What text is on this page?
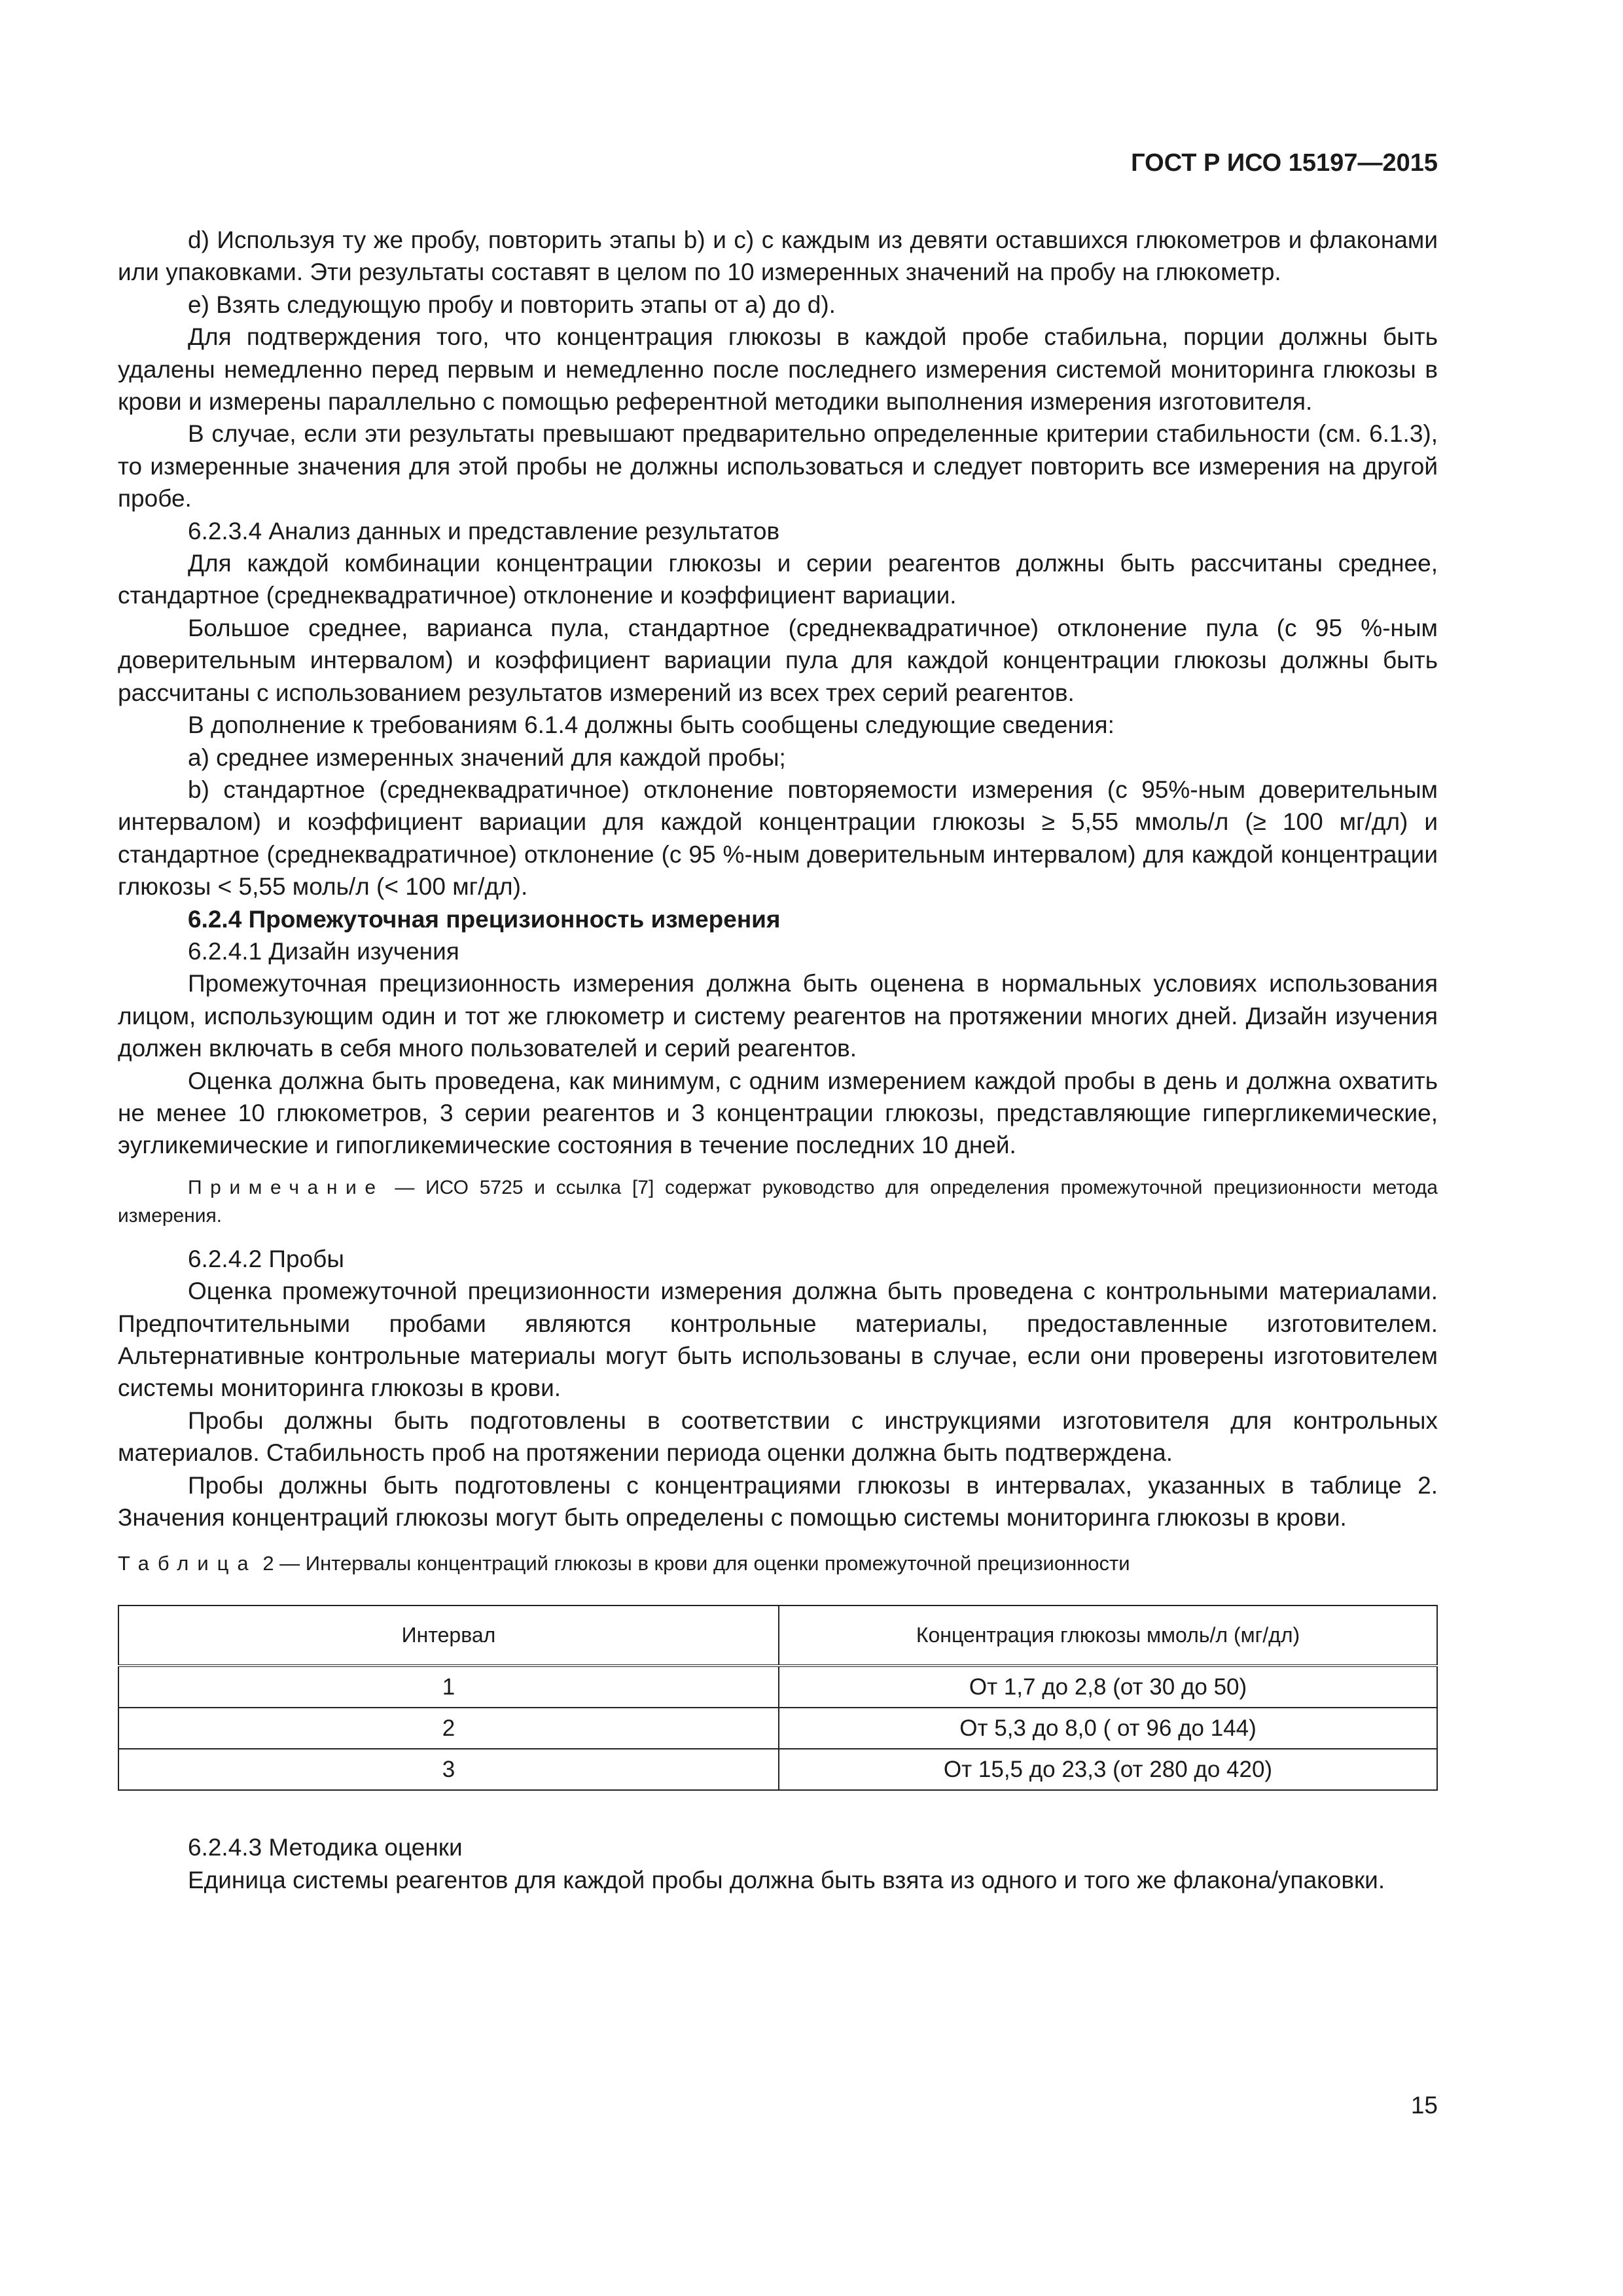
ГОСТ Р ИСО 15197—2015

d) Используя ту же пробу, повторить этапы b) и c) с каждым из девяти оставшихся глюкометров и флаконами или упаковками. Эти результаты составят в целом по 10 измеренных значений на пробу на глюкометр.

e) Взять следующую пробу и повторить этапы от a) до d).

Для подтверждения того, что концентрация глюкозы в каждой пробе стабильна, порции должны быть удалены немедленно перед первым и немедленно после последнего измерения системой мониторинга глюкозы в крови и измерены параллельно с помощью референтной методики выполнения измерения изготовителя.

В случае, если эти результаты превышают предварительно определенные критерии стабильности (см. 6.1.3), то измеренные значения для этой пробы не должны использоваться и следует повторить все измерения на другой пробе.

6.2.3.4 Анализ данных и представление результатов

Для каждой комбинации концентрации глюкозы и серии реагентов должны быть рассчитаны среднее, стандартное (среднеквадратичное) отклонение и коэффициент вариации.

Большое среднее, варианса пула, стандартное (среднеквадратичное) отклонение пула (с 95 %-ным доверительным интервалом) и коэффициент вариации пула для каждой концентрации глюкозы должны быть рассчитаны с использованием результатов измерений из всех трех серий реагентов.

В дополнение к требованиям 6.1.4 должны быть сообщены следующие сведения:

a) среднее измеренных значений для каждой пробы;

b) стандартное (среднеквадратичное) отклонение повторяемости измерения (с 95%-ным доверительным интервалом) и коэффициент вариации для каждой концентрации глюкозы ≥ 5,55 ммоль/л (≥ 100 мг/дл) и стандартное (среднеквадратичное) отклонение (с 95 %-ным доверительным интервалом) для каждой концентрации глюкозы < 5,55 моль/л (< 100 мг/дл).

6.2.4 Промежуточная прецизионность измерения

6.2.4.1 Дизайн изучения

Промежуточная прецизионность измерения должна быть оценена в нормальных условиях использования лицом, использующим один и тот же глюкометр и систему реагентов на протяжении многих дней. Дизайн изучения должен включать в себя много пользователей и серий реагентов.

Оценка должна быть проведена, как минимум, с одним измерением каждой пробы в день и должна охватить не менее 10 глюкометров, 3 серии реагентов и 3 концентрации глюкозы, представляющие гипергликемические, эугликемические и гипогликемические состояния в течение последних 10 дней.

Примечание — ИСО 5725 и ссылка [7] содержат руководство для определения промежуточной прецизионности метода измерения.

6.2.4.2 Пробы

Оценка промежуточной прецизионности измерения должна быть проведена с контрольными материалами. Предпочтительными пробами являются контрольные материалы, предоставленные изготовителем. Альтернативные контрольные материалы могут быть использованы в случае, если они проверены изготовителем системы мониторинга глюкозы в крови.

Пробы должны быть подготовлены в соответствии с инструкциями изготовителя для контрольных материалов. Стабильность проб на протяжении периода оценки должна быть подтверждена.

Пробы должны быть подготовлены с концентрациями глюкозы в интервалах, указанных в таблице 2. Значения концентраций глюкозы могут быть определены с помощью системы мониторинга глюкозы в крови.

Таблица 2 — Интервалы концентраций глюкозы в крови для оценки промежуточной прецизионности

Интервал	Концентрация глюкозы ммоль/л (мг/дл)
1	От 1,7 до 2,8 (от 30 до 50)
2	От 5,3 до 8,0 ( от 96 до 144)
3	От 15,5 до 23,3 (от 280 до 420)

6.2.4.3 Методика оценки

Единица системы реагентов для каждой пробы должна быть взята из одного и того же флакона/упаковки.

15
